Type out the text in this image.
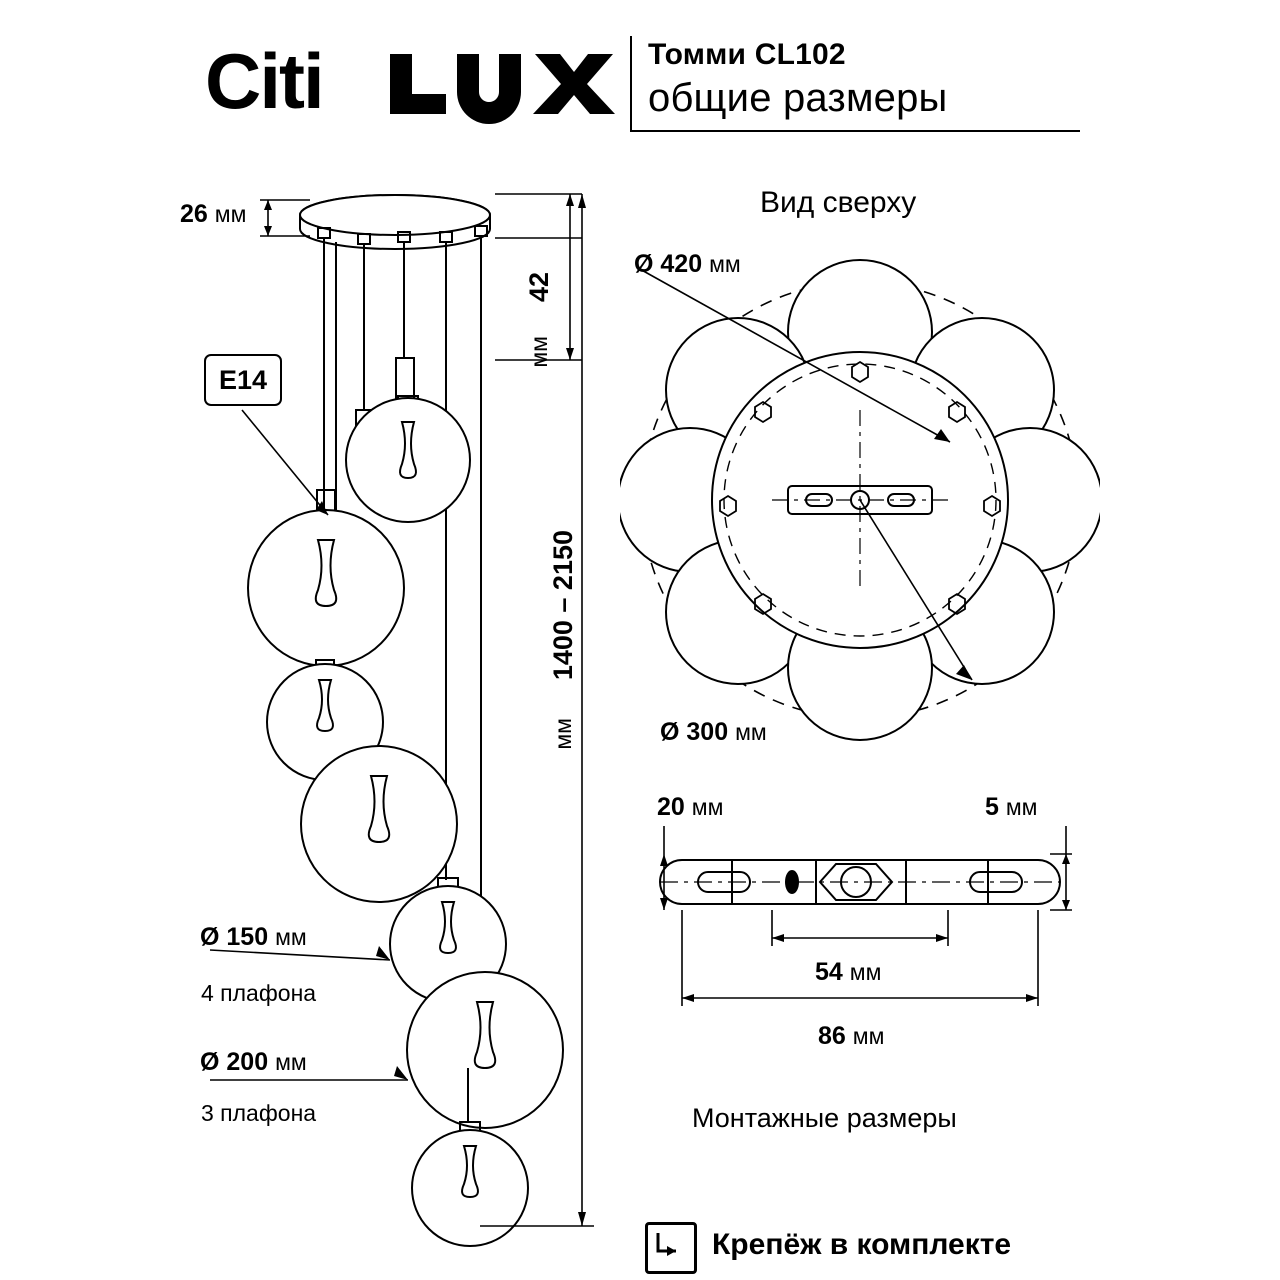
Citi	Томми CL102
общие размеры
26 мм
42
мм
1400 – 2150
мм
E14
Ø 150 мм
4 плафона
Ø 200 мм
3 плафона
Вид сверху
Ø 420 мм
Ø 300 мм
20 мм	5 мм
54 мм
86 мм
Монтажные размеры
Крепёж в комплекте
